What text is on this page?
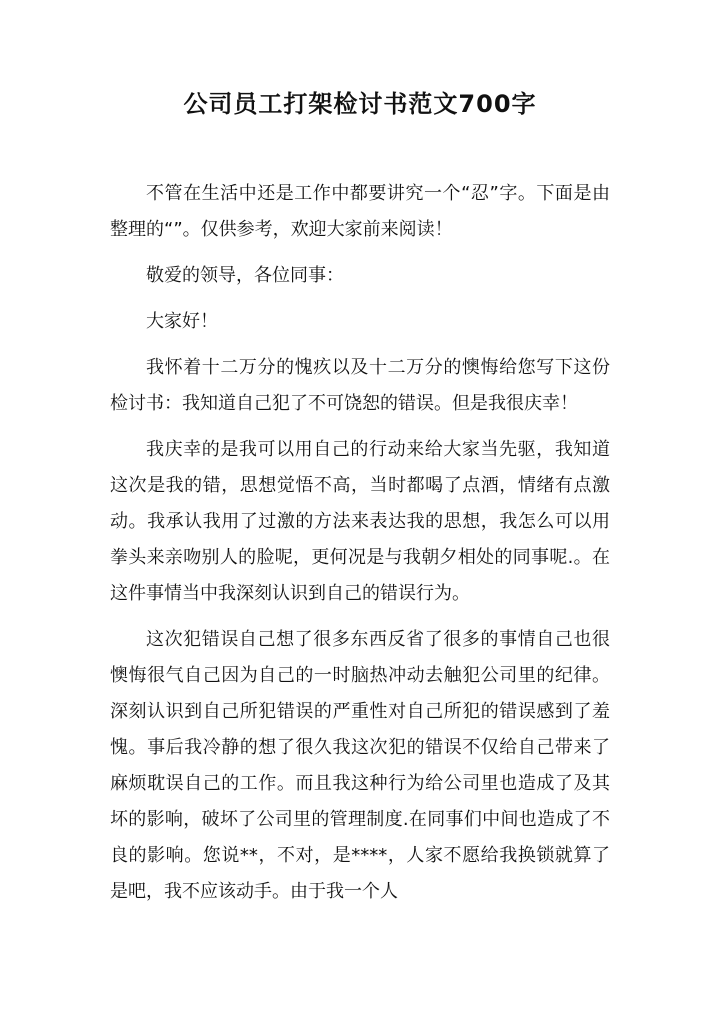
公司员工打架检讨书范文700字

不管在生活中还是工作中都要讲究一个“忍”字。下面是由整理的“”。仅供参考，欢迎大家前来阅读！

敬爱的领导，各位同事：

大家好！

我怀着十二万分的愧疚以及十二万分的懊悔给您写下这份检讨书：我知道自己犯了不可饶恕的错误。但是我很庆幸！

我庆幸的是我可以用自己的行动来给大家当先驱，我知道这次是我的错，思想觉悟不高，当时都喝了点酒，情绪有点激动。我承认我用了过激的方法来表达我的思想，我怎么可以用拳头来亲吻别人的脸呢，更何况是与我朝夕相处的同事呢.。在这件事情当中我深刻认识到自己的错误行为。

这次犯错误自己想了很多东西反省了很多的事情自己也很懊悔很气自己因为自己的一时脑热冲动去触犯公司里的纪律。深刻认识到自己所犯错误的严重性对自己所犯的错误感到了羞愧。事后我冷静的想了很久我这次犯的错误不仅给自己带来了麻烦耽误自己的工作。而且我这种行为给公司里也造成了及其坏的影响，破坏了公司里的管理制度.在同事们中间也造成了不良的影响。您说**，不对，是****，人家不愿给我换锁就算了是吧，我不应该动手。由于我一个人
